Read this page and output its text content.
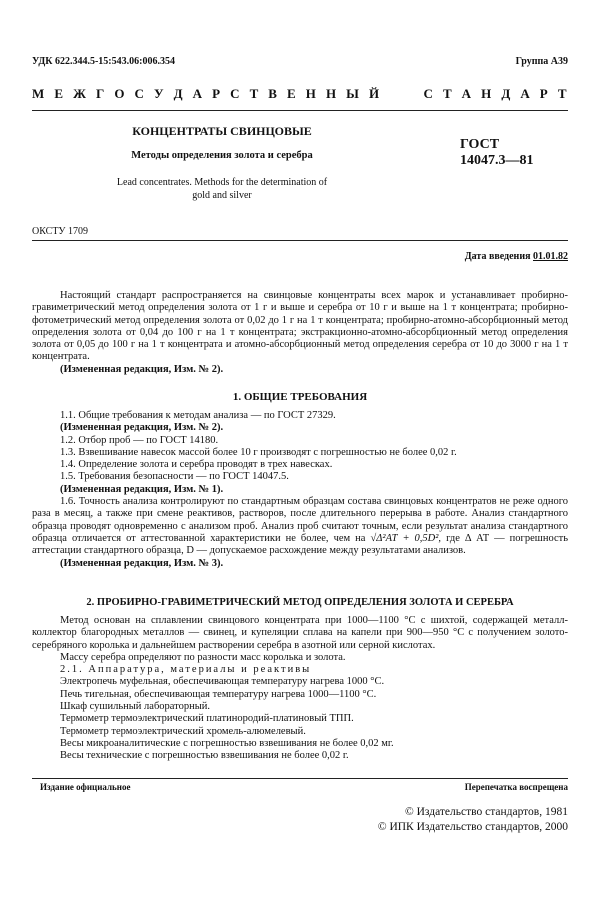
УДК 622.344.5-15:543.06:006.354	Группа А39
М Е Ж Г О С У Д А Р С Т В Е Н Н Ы Й     С Т А Н Д А Р Т
КОНЦЕНТРАТЫ СВИНЦОВЫЕ
Методы определения золота и серебра
Lead concentrates. Methods for the determination of
gold and silver
ГОСТ
14047.3—81
ОКСТУ 1709
Дата введения 01.01.82

Настоящий стандарт распространяется на свинцовые концентраты всех марок и устанавливает пробирно-гравиметрический метод определения золота от 1 г и выше и серебра от 10 г и выше на 1 т концентрата; пробирно-фотометрический метод определения золота от 0,02 до 1 г на 1 т концентрата; пробирно-атомно-абсорбционный метод определения золота от 0,04 до 100 г на 1 т концентрата; экстракционно-атомно-абсорбционный метод определения золота от 0,05 до 100 г на 1 т концентрата и атомно-абсорбционный метод определения серебра от 10 до 3000 г на 1 т концентрата.

(Измененная редакция, Изм. № 2).

1. ОБЩИЕ ТРЕБОВАНИЯ

1.1. Общие требования к методам анализа — по ГОСТ 27329.

(Измененная редакция, Изм. № 2).

1.2. Отбор проб — по ГОСТ 14180.

1.3. Взвешивание навесок массой более 10 г производят с погрешностью не более 0,02 г.

1.4. Определение золота и серебра проводят в трех навесках.

1.5. Требования безопасности — по ГОСТ 14047.5.

(Измененная редакция, Изм. № 1).

1.6. Точность анализа контролируют по стандартным образцам состава свинцовых концентратов не реже одного раза в месяц, а также при смене реактивов, растворов, после длительного перерыва в работе. Анализ стандартного образца проводят одновременно с анализом проб. Анализ проб считают точным, если результат анализа стандартного образца отличается от аттестованной характеристики не более, чем на √Δ²АТ + 0,5D², где Δ АТ — погрешность аттестации стандартного образца, D — допускаемое расхождение между результатами анализов.

(Измененная редакция, Изм. № 3).

2. ПРОБИРНО-ГРАВИМЕТРИЧЕСКИЙ МЕТОД ОПРЕДЕЛЕНИЯ ЗОЛОТА И СЕРЕБРА

Метод основан на сплавлении свинцового концентрата при 1000—1100 °С с шихтой, содержащей металл-коллектор благородных металлов — свинец, и купеляции сплава на капели при 900—950 °С с получением золото-серебряного королька и дальнейшем растворении серебра в азотной или серной кислотах.

Массу серебра определяют по разности масс королька и золота.

2.1. Аппаратура, материалы и реактивы

Электропечь муфельная, обеспечивающая температуру нагрева 1000 °С.

Печь тигельная, обеспечивающая температуру нагрева 1000—1100 °С.

Шкаф сушильный лабораторный.

Термометр термоэлектрический платинородий-платиновый ТПП.

Термометр термоэлектрический хромель-алюмелевый.

Весы микроаналитические с погрешностью взвешивания не более 0,02 мг.

Весы технические с погрешностью взвешивания не более 0,02 г.

Издание официальное	Перепечатка воспрещена
© Издательство стандартов, 1981
© ИПК Издательство стандартов, 2000
